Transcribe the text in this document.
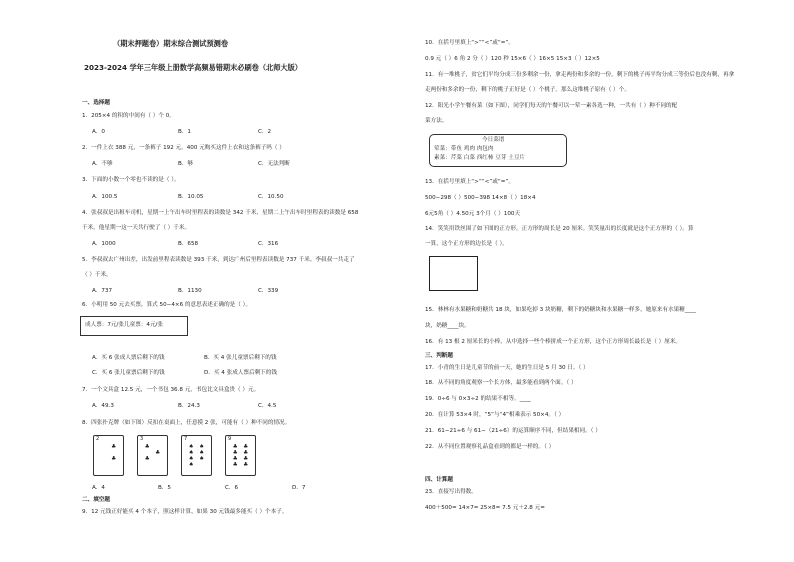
（期末押题卷）期末综合测试预测卷
2023-2024 学年三年级上册数学高频易错期末必刷卷（北师大版）
一、选择题
1．205×4 的积的中间有（ ）个 0。
A．0	B．1	C．2
2．一件上衣 388 元，一条裤子 192 元。400 元购买这件上衣和这条裤子吗（ ）
A．不够	B．够	C．无法判断
3．下面的小数一个零也不读的是（ ）。
A．100.5	B．10.05	C．10.50
4．张叔叔是出租车司机，星期一上午出车时里程表的读数是 342 千米，星期二上午出车时里程表的读数是 658
千米。他星期一这一天共行驶了（ ）千米。
A．1000	B．658	C．316
5．李叔叔去广州出差，出发前里程表读数是 393 千米，到达广州后里程表读数是 737 千米。李叔叔一共走了
（ ）千米。
A．737	B．1130	C．339
6．小明用 50 元去买票，算式 50−4×6 的意思表述正确的是（ ）。
成人票：7元/张儿童票：4元/张
A．买 6 张成人票后剩下的钱	B．买 4 张儿童票后剩下的钱
C．买 6 张儿童票后剩下的钱	D．买 4 张成人票后剩下的钱
7．一个文具盒 12.5 元，一个书包 36.8 元，书包比文具盒贵（ ）元。
A．49.3	B．24.3	C．4.5
8．四张扑克牌（如下图）反扣在桌面上，任意摸 2 张，可能有（ ）种不同的情况。
2
♣
♣
3
♣
♣
♣
7
♠	♠
♠	♠
♠	♠
♠
9
♣	♣
♣	♣
♣	♣
♣	♣
A．4	B．5	C．6	D．7
二、填空题
9．12 元钱正好能买 4 个本子，照这样计算，如果 30 元钱最多能买（ ）个本子。
10．在括号里填上“>”“<”或“=”。
0.9 元（ ）6 角 2 分（ ）120 秒 15×6（ ）16×5 15×3（ ）12×5
11．有一堆桃子，贫它们平均分成三份多剩余一份，拿走两份和多余的一份，剩下的桃子再平均分成三等份后也没有剩，再拿
走两份和多余的一份，剩下的桃子正好是（ ）个桃子。那么这堆桃子原有（ ）个。
12．阳光小学午餐有菜（如下图），同学们每天的午餐可以一荤一素各选一种，一共有（ ）种不同的配
菜方法。
今日菜谱
荤菜：带鱼 鸡肉 肉包肉
素菜：芹菜 白菜 西红柿 豆芽 土豆片
13．在括号里填上“>”“<”或“=”。
500−298（ ）500−398 14×8（ ）18×4
6元5角（ ）4.50元 3个月（ ）100天
14．笑笑用铁丝围了如下图的正方形，正方形的周长是 20 厘米。笑笑量出的长度就是这个正方形的（ ）。算
一算，这个正方形的边长是（ ）。
15．林林有水果糖和奶糖共 18 块，如果吃掉 3 块奶糖，剩下的奶糖块和水果糖一样多，她原来有水果糖____
块，奶糖____块。
16．有 13 根 2 厘米长的小棒，从中选择一些个棒拼成一个正方形，这个正方形周长最长是（ ）厘米。
三、判断题
17．小青的生日是儿童节的前一天，她的生日是 5 月 30 日。（ ）
18．从不同的角度观察一个长方体，最多能看到两个面。（ ）
19．0÷6 与 0×3÷2 的结果不相等。____
20．在计算 53×4 时，“5”与“4”相乘表示 50×4。（ ）
21．61−21÷6 与 61−（21÷6）的运算顺序不同，但结果相同。（ ）
22．从不同位置观察礼品盒看到的都是一样的。（ ）
四、计算题
23．直接写出得数。
400＋500= 14×7= 25×8= 7.5 元＋2.8 元=
